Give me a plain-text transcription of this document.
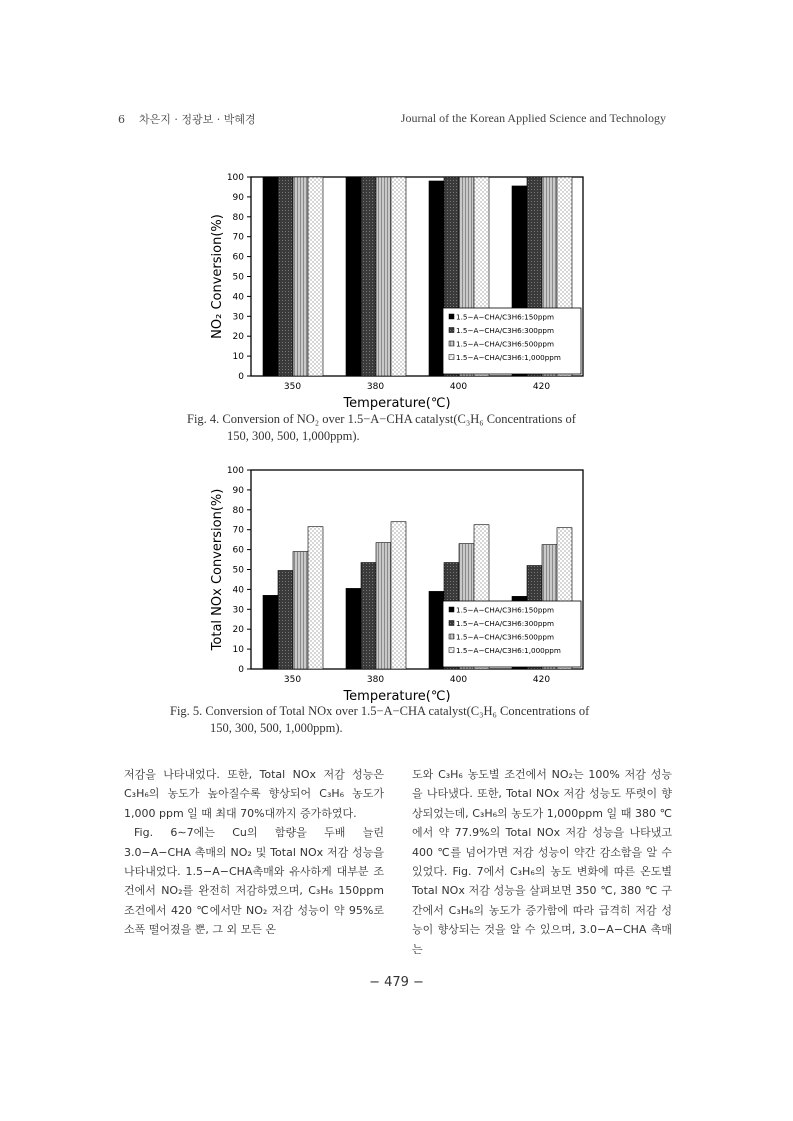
6 차은지 · 정광보 · 박혜경	Journal of the Korean Applied Science and Technology
0
10
20
30
40
50
60
70
80
90
100
350	380	400	420
1.5−A−CHA/C3H6:150ppm
1.5−A−CHA/C3H6:300ppm
1.5−A−CHA/C3H6:500ppm
1.5−A−CHA/C3H6:1,000ppm
Temperature(℃)
NO₂ Conversion(%)
Fig. 4. Conversion of NO₂ over 1.5−A−CHA catalyst(C₃H₆ Concentrations of
150, 300, 500, 1,000ppm).
0
10
20
30
40
50
60
70
80
90
100
350	380	400	420
1.5−A−CHA/C3H6:150ppm
1.5−A−CHA/C3H6:300ppm
1.5−A−CHA/C3H6:500ppm
1.5−A−CHA/C3H6:1,000ppm
Temperature(℃)
Total NOx Conversion(%)
Fig. 5. Conversion of Total NOx over 1.5−A−CHA catalyst(C₃H₆ Concentrations of
150, 300, 500, 1,000ppm).

저감을 나타내었다. 또한, Total NOx 저감 성능은 C₃H₆의 농도가 높아질수록 향상되어 C₃H₆ 농도가 1,000 ppm 일 때 최대 70%대까지 증가하였다.

Fig. 6∼7에는 Cu의 함량을 두배 늘린 3.0−A−CHA 촉매의 NO₂ 및 Total NOx 저감 성능을 나타내었다. 1.5−A−CHA촉매와 유사하게 대부분 조건에서 NO₂를 완전히 저감하였으며, C₃H₆ 150ppm 조건에서 420 ℃에서만 NO₂ 저감 성능이 약 95%로 소폭 떨어졌을 뿐, 그 외 모든 온

도와 C₃H₆ 농도별 조건에서 NO₂는 100% 저감 성능을 나타냈다. 또한, Total NOx 저감 성능도 뚜렷이 향상되었는데, C₃H₆의 농도가 1,000ppm 일 때 380 ℃에서 약 77.9%의 Total NOx 저감 성능을 나타냈고 400 ℃를 넘어가면 저감 성능이 약간 감소함을 알 수 있었다. Fig. 7에서 C₃H₆의 농도 변화에 따른 온도별 Total NOx 저감 성능을 살펴보면 350 ℃, 380 ℃ 구간에서 C₃H₆의 농도가 증가함에 따라 급격히 저감 성능이 향상되는 것을 알 수 있으며, 3.0−A−CHA 촉매는

− 479 −
